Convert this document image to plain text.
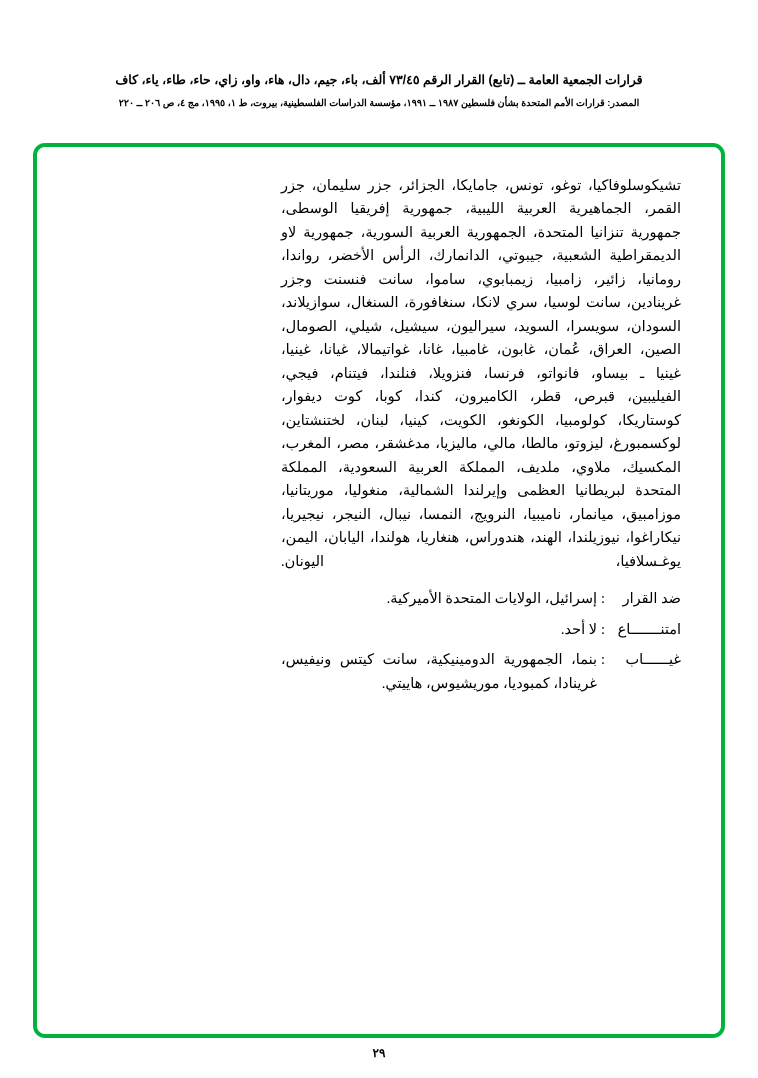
قرارات الجمعية العامة ــ (تابع) القرار الرقم ٧٣/٤٥ ألف، باء، جيم، دال، هاء، واو، زاي، حاء، طاء، ياء، كاف
المصدر: قرارات الأمم المتحدة بشأن فلسطين ١٩٨٧ ــ ١٩٩١، مؤسسة الدراسات الفلسطينية، بيروت، ط ١، ١٩٩٥، مج ٤، ص ٢٠٦ ــ ٢٢٠

تشيكوسلوفاكيا، توغو، تونس، جامايكا، الجزائر، جزر سليمان، جزر القمر، الجماهيرية العربية الليبية، جمهورية إفريقيا الوسطى، جمهورية تنزانيا المتحدة، الجمهورية العربية السورية، جمهورية لاو الديمقراطية الشعبية، جيبوتي، الدانمارك، الرأس الأخضر، رواندا، رومانيا، زائير، زامبيا، زيمبابوي، ساموا، سانت فنسنت وجزر غرينادين، سانت لوسيا، سري لانكا، سنغافورة، السنغال، سوازيلاند، السودان، سويسرا، السويد، سيراليون، سيشيل، شيلي، الصومال، الصين، العراق، عُمان، غابون، غامبيا، غانا، غواتيمالا، غيانا، غينيا، غينيا ـ بيساو، فانواتو، فرنسا، فنزويلا، فنلندا، فيتنام، فيجي، الفيليبين، قبرص، قطر، الكاميرون، كندا، كوبا، كوت ديفوار، كوستاريكا، كولومبيا، الكونغو، الكويت، كينيا، لبنان، لختنشتاين، لوكسمبورغ، ليزوتو، مالطا، مالي، ماليزيا، مدغشقر، مصر، المغرب، المكسيك، ملاوي، ملديف، المملكة العربية السعودية، المملكة المتحدة لبريطانيا العظمى وإيرلندا الشمالية، منغوليا، موريتانيا، موزامبيق، ميانمار، ناميبيا، النرويج، النمسا، نيبال، النيجر، نيجيريا، نيكاراغوا، نيوزيلندا، الهند، هندوراس، هنغاريا، هولندا، اليابان، اليمن، يوغـسلافيا، اليونان.

ضد القرار
:
إسرائيل، الولايات المتحدة الأميركية.
امتنـــــــاع
:
لا أحد.
غيــــــاب
:
بنما، الجمهورية الدومينيكية، سانت كيتس ونيفيس، غرينادا، كمبوديا، موريشيوس، هاييتي.
٢٩
